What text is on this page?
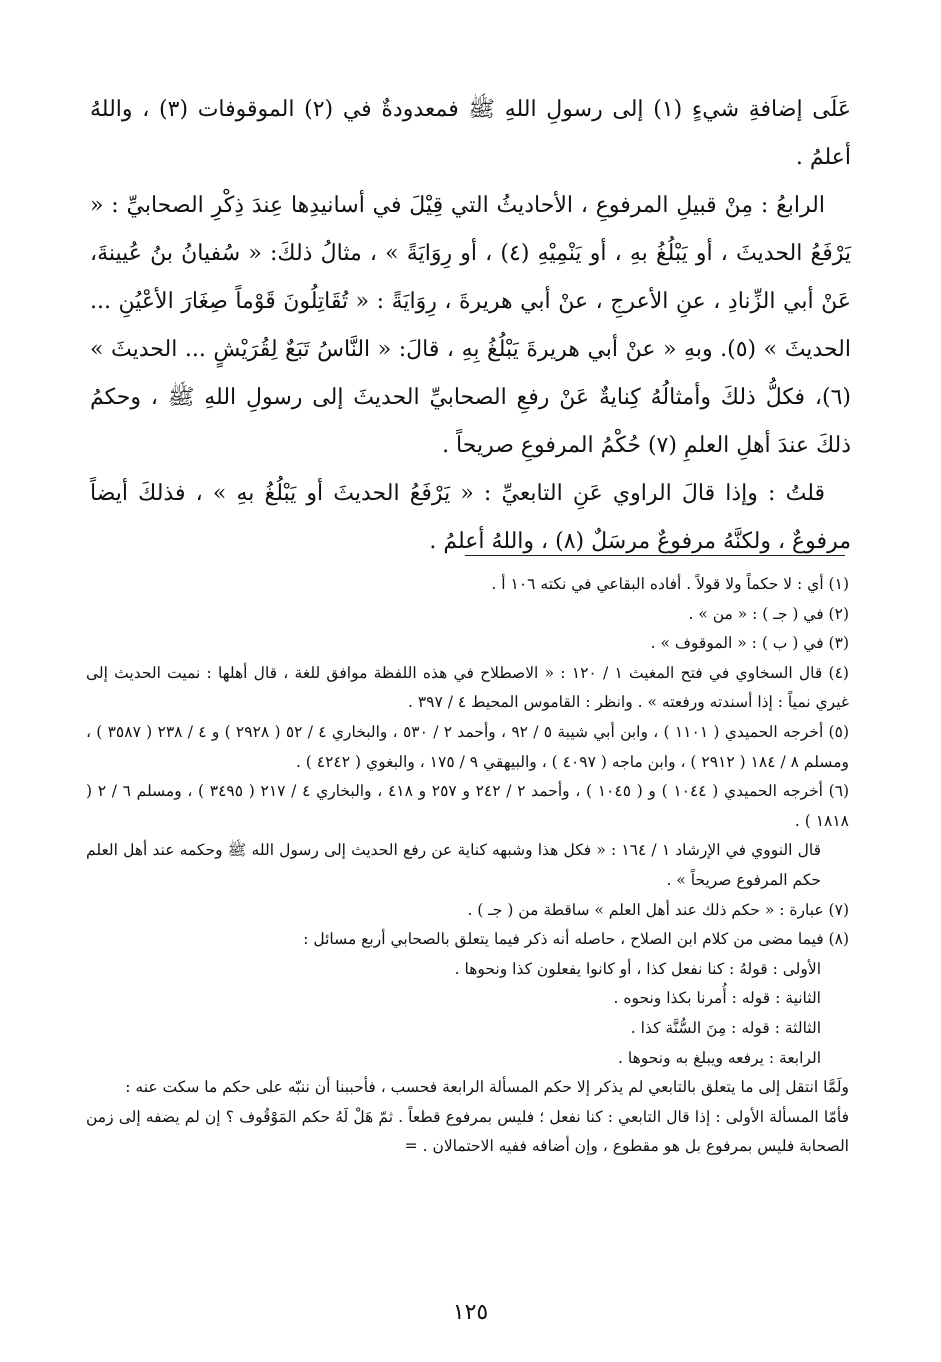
عَلَى إضافةِ شيءٍ (١) إلى رسولِ اللهِ ﷺ فمعدودةٌ في (٢) الموقوفات (٣) ، واللهُ أعلمُ .

الرابعُ : مِنْ قبيلِ المرفوعِ ، الأحاديثُ التي قِيْلَ في أسانيدِها عِندَ ذِكْرِ الصحابيِّ : « يَرْفَعُ الحديثَ ، أو يَبْلُغُ بهِ ، أو يَنْمِيْهِ (٤) ، أو رِوَايَةً » ، مثالُ ذلكَ: « سُفيانُ بنُ عُيينةَ، عَنْ أبي الزِّنادِ ، عنِ الأعرجِ ، عنْ أبي هريرةَ ، رِوَايَةً : « تُقَاتِلُونَ قَوْماً صِغَارَ الأعْيُنِ ... الحديثَ » (٥). وبهِ « عنْ أبي هريرةَ يَبْلُغُ بِهِ ، قالَ: « النَّاسُ تَبَعٌ لِقُرَيْشٍ ... الحديثَ » (٦)، فكلُّ ذلكَ وأمثالُهُ كِنايةٌ عَنْ رفعِ الصحابيِّ الحديثَ إلى رسولِ اللهِ ﷺ ، وحكمُ ذلكَ عندَ أهلِ العلمِ (٧) حُكْمُ المرفوعِ صريحاً .

قلتُ : وإذا قالَ الراوي عَنِ التابعيِّ : « يَرْفَعُ الحديثَ أو يَبْلُغُ بهِ » ، فذلكَ أيضاً مرفوعٌ ، ولكنَّهُ مرفوعٌ مرسَلٌ (٨) ، واللهُ أعلمُ .

(١) أي : لا حكماً ولا قولاً . أفاده البقاعي في نكته ١٠٦ أ .

(٢) في ( جـ ) : « من » .

(٣) في ( ب ) : « الموقوف » .

(٤) قال السخاوي في فتح المغيث ١ / ١٢٠ : « الاصطلاح في هذه اللفظة موافق للغة ، قال أهلها : نميت الحديث إلى غيري نمياً : إذا أسندته ورفعته » . وانظر : القاموس المحيط ٤ / ٣٩٧ .

(٥) أخرجه الحميدي ( ١١٠١ ) ، وابن أبي شيبة ٥ / ٩٢ ، وأحمد ٢ / ٥٣٠ ، والبخاري ٤ / ٥٢ ( ٢٩٢٨ ) و ٤ / ٢٣٨ ( ٣٥٨٧ ) ، ومسلم ٨ / ١٨٤ ( ٢٩١٢ ) ، وابن ماجه ( ٤٠٩٧ ) ، والبيهقي ٩ / ١٧٥ ، والبغوي ( ٤٢٤٢ ) .

(٦) أخرجه الحميدي ( ١٠٤٤ ) و ( ١٠٤٥ ) ، وأحمد ٢ / ٢٤٢ و ٢٥٧ و ٤١٨ ، والبخاري ٤ / ٢١٧ ( ٣٤٩٥ ) ، ومسلم ٦ / ٢ ( ١٨١٨ ) .

قال النووي في الإرشاد ١ / ١٦٤ : « فكل هذا وشبهه كناية عن رفع الحديث إلى رسول الله ﷺ وحكمه عند أهل العلم حكم المرفوع صريحاً » .

(٧) عبارة : « حكم ذلك عند أهل العلم » ساقطة من ( جـ ) .

(٨) فيما مضى من كلام ابن الصلاح ، حاصله أنه ذكر فيما يتعلق بالصحابي أربع مسائل :

الأولى : قولهُ : كنا نفعل كذا ، أو كانوا يفعلون كذا ونحوها .

الثانية : قوله : أُمرنا بكذا ونحوه .

الثالثة : قوله : مِنَ السُّنَّة كذا .

الرابعة : يرفعه ويبلغ به ونحوها .

ولَمَّا انتقل إلى ما يتعلق بالتابعي لم يذكر إلا حكم المسألة الرابعة فحسب ، فأحببنا أن ننبّه على حكم ما سكت عنه :

فأمّا المسألة الأولى : إذا قال التابعي : كنا نفعل ؛ فليس بمرفوع قطعاً . ثمّ هَلْ لَهُ حكم المَوْقُوف ؟ إن لم يضفه إلى زمن الصحابة فليس بمرفوع بل هو مقطوع ، وإن أضافه ففيه الاحتمالان . =

١٢٥
